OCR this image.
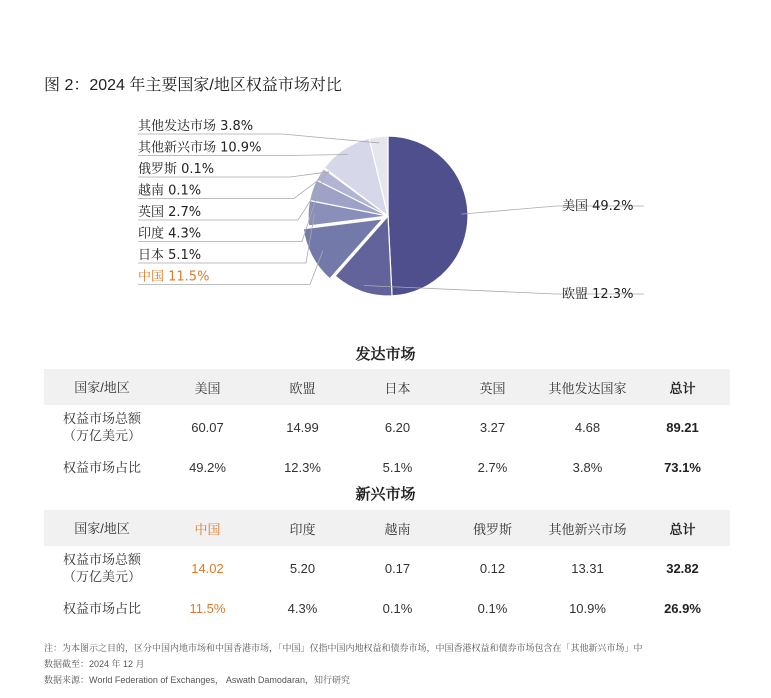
图 2：2024 年主要国家/地区权益市场对比
美国 49.2%
欧盟 12.3%
中国 11.5%
日本 5.1%
印度 4.3%
英国 2.7%
越南 0.1%
俄罗斯 0.1%
其他新兴市场 10.9%
其他发达市场 3.8%
发达市场
国家/地区	美国	欧盟	日本	英国	其他发达国家	总计

权益市场总额
（万亿美元）	60.07	14.99	6.20	3.27	4.68	89.21
权益市场占比	49.2%	12.3%	5.1%	2.7%	3.8%	73.1%
新兴市场
国家/地区	中国	印度	越南	俄罗斯	其他新兴市场	总计

权益市场总额
（万亿美元）	14.02	5.20	0.17	0.12	13.31	32.82
权益市场占比	11.5%	4.3%	0.1%	0.1%	10.9%	26.9%
注：为本图示之目的，区分中国内地市场和中国香港市场，「中国」仅指中国内地权益和债券市场，中国香港权益和债券市场包含在「其他新兴市场」中
数据截至：2024 年 12 月
数据来源：World Federation of Exchanges， Aswath Damodaran，知行研究
